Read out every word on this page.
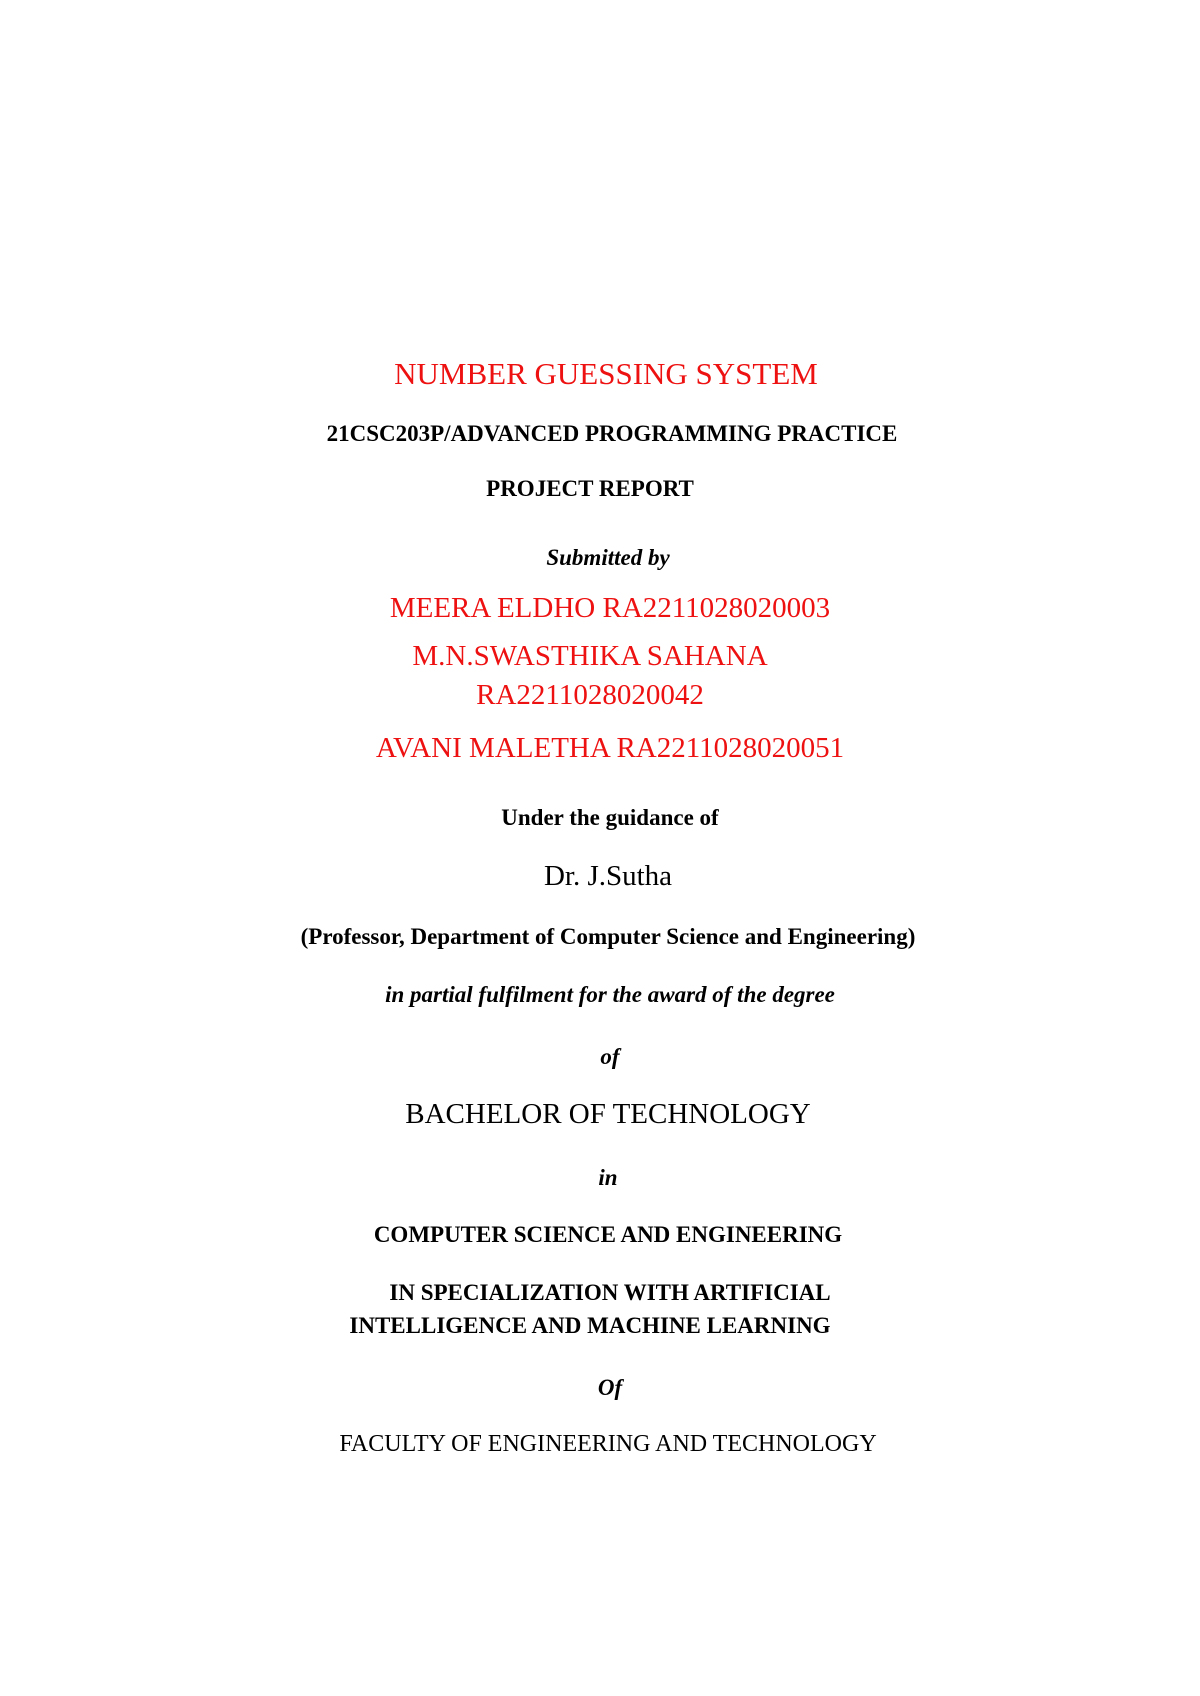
NUMBER GUESSING SYSTEM
21CSC203P/ADVANCED PROGRAMMING PRACTICE
PROJECT REPORT
Submitted by
MEERA ELDHO RA2211028020003
M.N.SWASTHIKA SAHANA
RA2211028020042
AVANI MALETHA RA2211028020051
Under the guidance of
Dr. J.Sutha
(Professor, Department of Computer Science and Engineering)
in partial fulfilment for the award of the degree
of
BACHELOR OF TECHNOLOGY
in
COMPUTER SCIENCE AND ENGINEERING
IN SPECIALIZATION WITH ARTIFICIAL
INTELLIGENCE AND MACHINE LEARNING
Of
FACULTY OF ENGINEERING AND TECHNOLOGY
